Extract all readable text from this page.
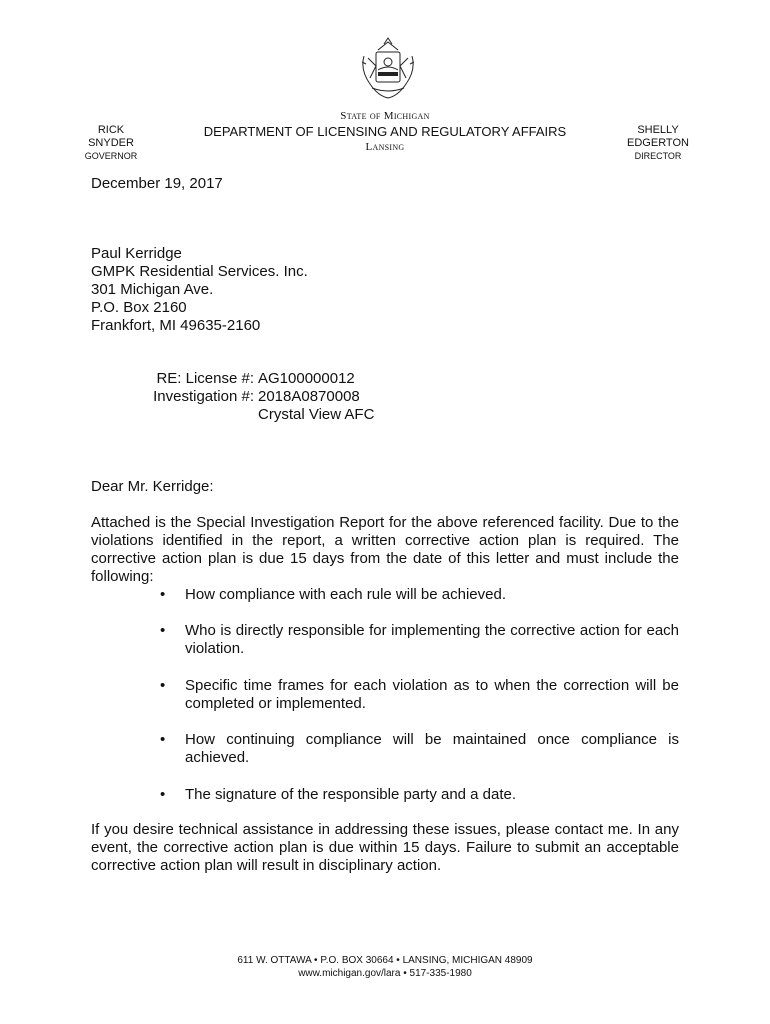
RICK SNYDER
GOVERNOR
State of Michigan
DEPARTMENT OF LICENSING AND REGULATORY AFFAIRS
Lansing
SHELLY EDGERTON
DIRECTOR
December 19, 2017
Paul Kerridge
GMPK Residential Services. Inc.
301 Michigan Ave.
P.O. Box 2160
Frankfort, MI 49635-2160
RE: License #: AG100000012
Investigation #: 2018A0870008
Crystal View AFC
Dear Mr. Kerridge:
Attached is the Special Investigation Report for the above referenced facility. Due to the violations identified in the report, a written corrective action plan is required. The corrective action plan is due 15 days from the date of this letter and must include the following:
• How compliance with each rule will be achieved.
• Who is directly responsible for implementing the corrective action for each violation.
• Specific time frames for each violation as to when the correction will be completed or implemented.
• How continuing compliance will be maintained once compliance is achieved.
• The signature of the responsible party and a date.
If you desire technical assistance in addressing these issues, please contact me. In any event, the corrective action plan is due within 15 days. Failure to submit an acceptable corrective action plan will result in disciplinary action.
611 W. OTTAWA • P.O. BOX 30664 • LANSING, MICHIGAN 48909
www.michigan.gov/lara • 517-335-1980
